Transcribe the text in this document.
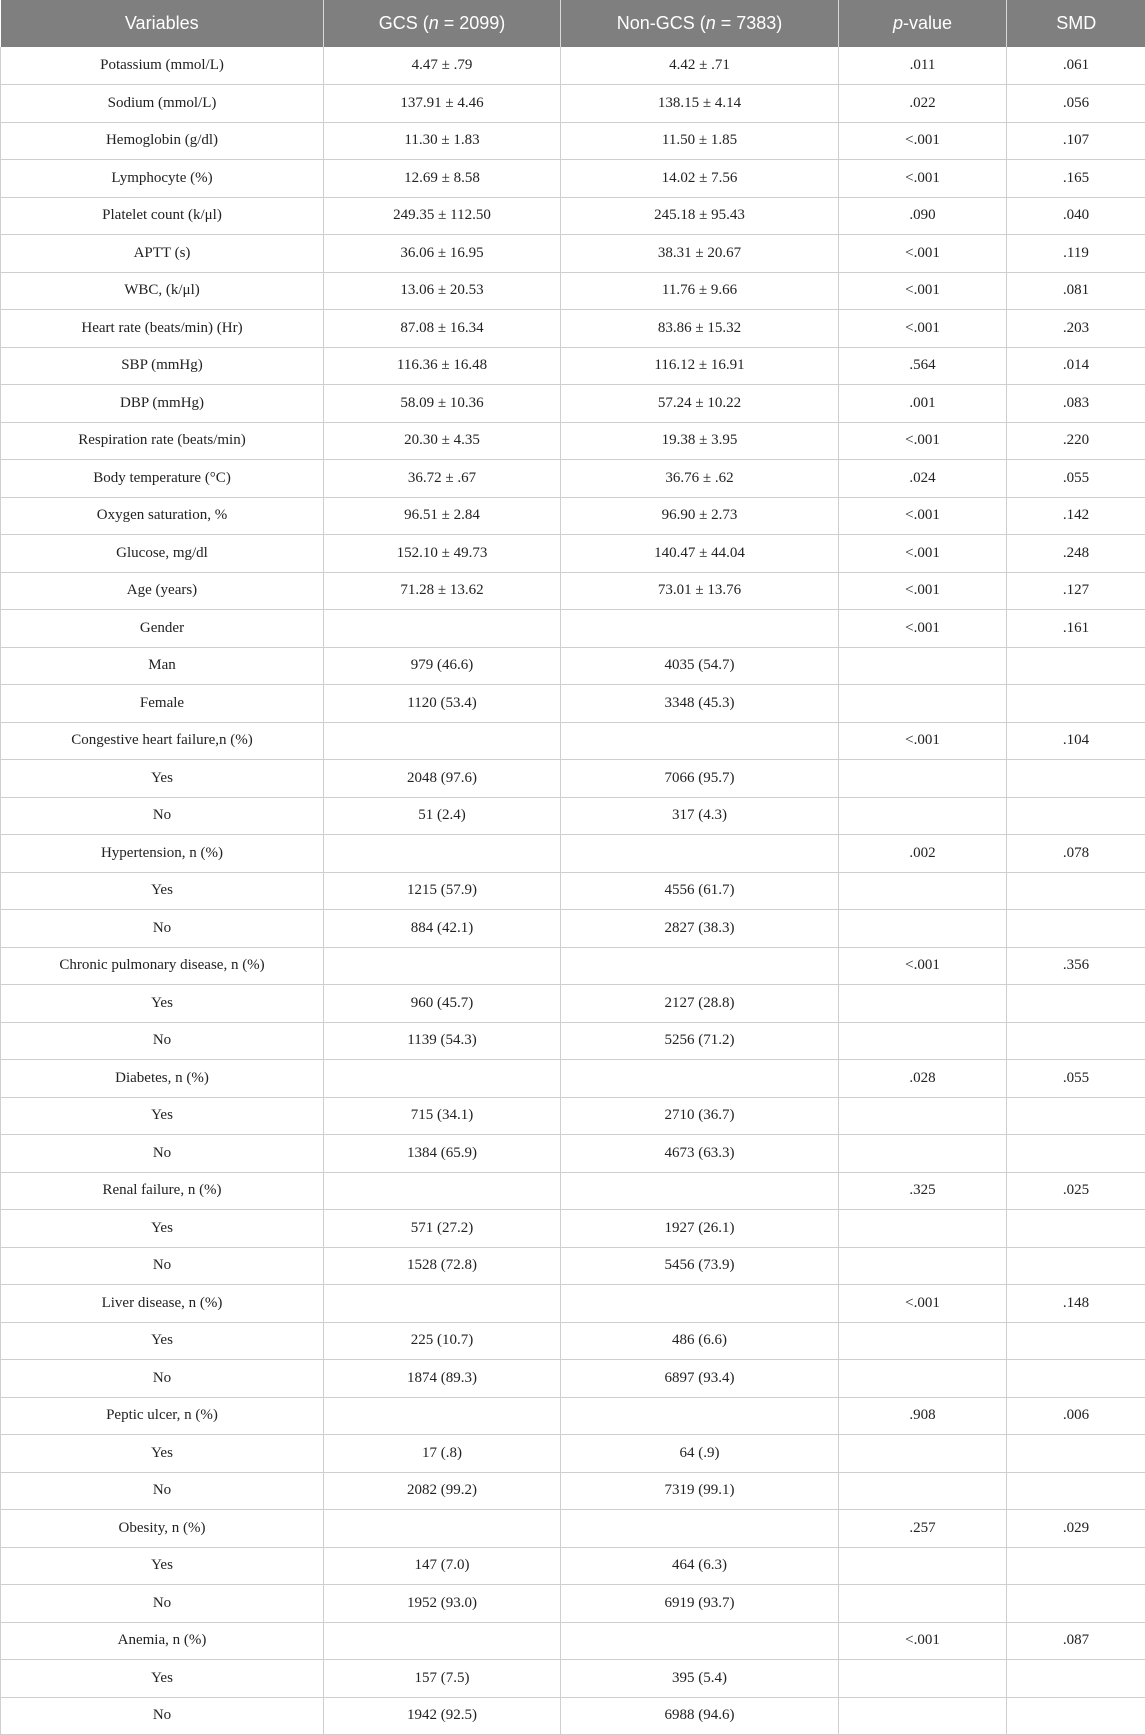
Variables	GCS (n = 2099)	Non-GCS (n = 7383)	p-value	SMD
Potassium (mmol/L)	4.47 ± .79	4.42 ± .71	.011	.061
Sodium (mmol/L)	137.91 ± 4.46	138.15 ± 4.14	.022	.056
Hemoglobin (g/dl)	11.30 ± 1.83	11.50 ± 1.85	<.001	.107
Lymphocyte (%)	12.69 ± 8.58	14.02 ± 7.56	<.001	.165
Platelet count (k/μl)	249.35 ± 112.50	245.18 ± 95.43	.090	.040
APTT (s)	36.06 ± 16.95	38.31 ± 20.67	<.001	.119
WBC, (k/μl)	13.06 ± 20.53	11.76 ± 9.66	<.001	.081
Heart rate (beats/min) (Hr)	87.08 ± 16.34	83.86 ± 15.32	<.001	.203
SBP (mmHg)	116.36 ± 16.48	116.12 ± 16.91	.564	.014
DBP (mmHg)	58.09 ± 10.36	57.24 ± 10.22	.001	.083
Respiration rate (beats/min)	20.30 ± 4.35	19.38 ± 3.95	<.001	.220
Body temperature (°C)	36.72 ± .67	36.76 ± .62	.024	.055
Oxygen saturation, %	96.51 ± 2.84	96.90 ± 2.73	<.001	.142
Glucose, mg/dl	152.10 ± 49.73	140.47 ± 44.04	<.001	.248
Age (years)	71.28 ± 13.62	73.01 ± 13.76	<.001	.127
Gender			<.001	.161
Man	979 (46.6)	4035 (54.7)		
Female	1120 (53.4)	3348 (45.3)		
Congestive heart failure,n (%)			<.001	.104
Yes	2048 (97.6)	7066 (95.7)		
No	51 (2.4)	317 (4.3)		
Hypertension, n (%)			.002	.078
Yes	1215 (57.9)	4556 (61.7)		
No	884 (42.1)	2827 (38.3)		
Chronic pulmonary disease, n (%)			<.001	.356
Yes	960 (45.7)	2127 (28.8)		
No	1139 (54.3)	5256 (71.2)		
Diabetes, n (%)			.028	.055
Yes	715 (34.1)	2710 (36.7)		
No	1384 (65.9)	4673 (63.3)		
Renal failure, n (%)			.325	.025
Yes	571 (27.2)	1927 (26.1)		
No	1528 (72.8)	5456 (73.9)		
Liver disease, n (%)			<.001	.148
Yes	225 (10.7)	486 (6.6)		
No	1874 (89.3)	6897 (93.4)		
Peptic ulcer, n (%)			.908	.006
Yes	17 (.8)	64 (.9)		
No	2082 (99.2)	7319 (99.1)		
Obesity, n (%)			.257	.029
Yes	147 (7.0)	464 (6.3)		
No	1952 (93.0)	6919 (93.7)		
Anemia, n (%)			<.001	.087
Yes	157 (7.5)	395 (5.4)		
No	1942 (92.5)	6988 (94.6)		
